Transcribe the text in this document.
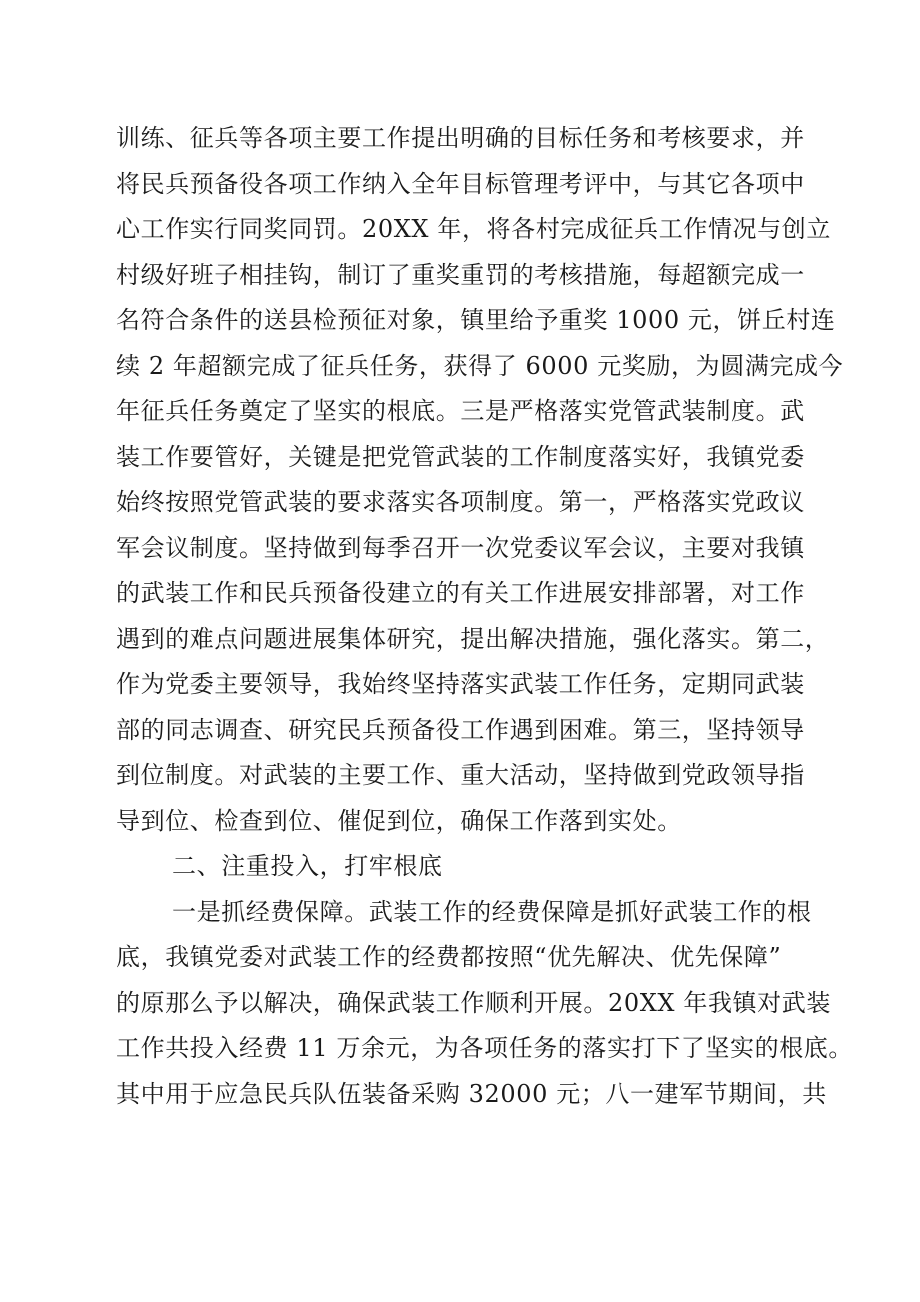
训练、征兵等各项主要工作提出明确的目标任务和考核要求，并
将民兵预备役各项工作纳入全年目标管理考评中，与其它各项中
心工作实行同奖同罚。20XX 年，将各村完成征兵工作情况与创立
村级好班子相挂钩，制订了重奖重罚的考核措施，每超额完成一
名符合条件的送县检预征对象，镇里给予重奖 1000 元，饼丘村连
续 2 年超额完成了征兵任务，获得了 6000 元奖励，为圆满完成今
年征兵任务奠定了坚实的根底。三是严格落实党管武装制度。武
装工作要管好，关键是把党管武装的工作制度落实好，我镇党委
始终按照党管武装的要求落实各项制度。第一，严格落实党政议
军会议制度。坚持做到每季召开一次党委议军会议，主要对我镇
的武装工作和民兵预备役建立的有关工作进展安排部署，对工作
遇到的难点问题进展集体研究，提出解决措施，强化落实。第二，
作为党委主要领导，我始终坚持落实武装工作任务，定期同武装
部的同志调查、研究民兵预备役工作遇到困难。第三，坚持领导
到位制度。对武装的主要工作、重大活动，坚持做到党政领导指
导到位、检查到位、催促到位，确保工作落到实处。
二、注重投入，打牢根底
一是抓经费保障。武装工作的经费保障是抓好武装工作的根
底，我镇党委对武装工作的经费都按照“优先解决、优先保障”
的原那么予以解决，确保武装工作顺利开展。20XX 年我镇对武装
工作共投入经费 11 万余元，为各项任务的落实打下了坚实的根底。
其中用于应急民兵队伍装备采购 32000 元；八一建军节期间，共
